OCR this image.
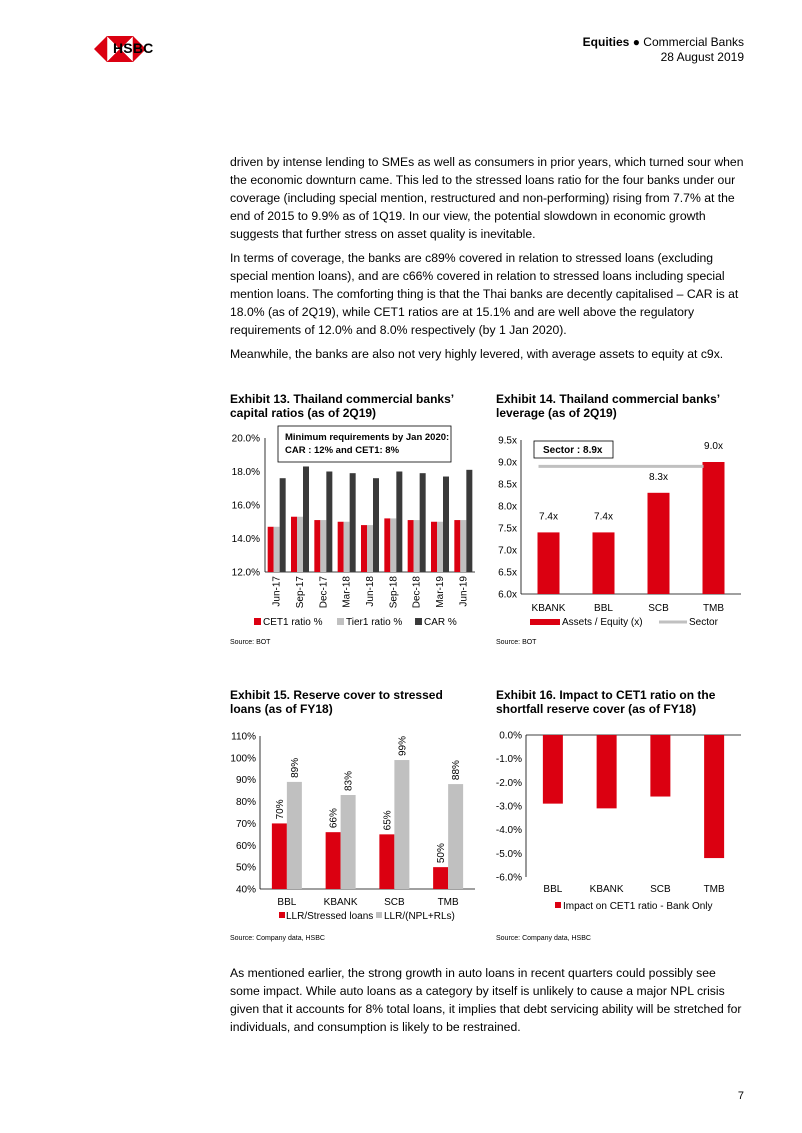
HSBC	Equities ● Commercial Banks
28 August 2019

driven by intense lending to SMEs as well as consumers in prior years, which turned sour when the economic downturn came. This led to the stressed loans ratio for the four banks under our coverage (including special mention, restructured and non-performing) rising from 7.7% at the end of 2015 to 9.9% as of 1Q19. In our view, the potential slowdown in economic growth suggests that further stress on asset quality is inevitable.

In terms of coverage, the banks are c89% covered in relation to stressed loans (excluding special mention loans), and are c66% covered in relation to stressed loans including special mention loans. The comforting thing is that the Thai banks are decently capitalised – CAR is at 18.0% (as of 2Q19), while CET1 ratios are at 15.1% and are well above the regulatory requirements of 12.0% and 8.0% respectively (by 1 Jan 2020).

Meanwhile, the banks are also not very highly levered, with average assets to equity at c9x.

Exhibit 13. Thailand commercial banks’
capital ratios (as of 2Q19)
Exhibit 14. Thailand commercial banks’
leverage (as of 2Q19)
Exhibit 15. Reserve cover to stressed
loans (as of FY18)
Exhibit 16. Impact to CET1 ratio on the
shortfall reserve cover (as of FY18)
12.0%
14.0%
16.0%
18.0%
20.0%
Jun-17 Sep-17 Dec-17 Mar-18 Jun-18 Sep-18 Dec-18 Mar-19 Jun-19
Minimum requirements by Jan 2020:
CAR : 12% and CET1: 8%
CET1 ratio % Tier1 ratio % CAR %
6.0x
6.5x
7.0x
7.5x
8.0x
8.5x
9.0x
9.5x
7.4x
KBANK
7.4x
BBL
8.3x
SCB
9.0x
TMB
Sector : 8.9x
Assets / Equity (x)	Sector
40%
50%
60%
70%
80%
90%
100%
110%
70%
89%
BBL
66%
83%
KBANK
65%
99%
SCB
50%
88%
TMB
LLR/Stressed loans LLR/(NPL+RLs)
0.0%
-1.0%
-2.0%
-3.0%
-4.0%
-5.0%
-6.0%
BBL	KBANK	SCB	TMB
Impact on CET1 ratio - Bank Only
Source: BOT	Source: BOT
Source: Company data, HSBC	Source: Company data, HSBC

As mentioned earlier, the strong growth in auto loans in recent quarters could possibly see some impact. While auto loans as a category by itself is unlikely to cause a major NPL crisis given that it accounts for 8% total loans, it implies that debt servicing ability will be stretched for individuals, and consumption is likely to be restrained.

7
